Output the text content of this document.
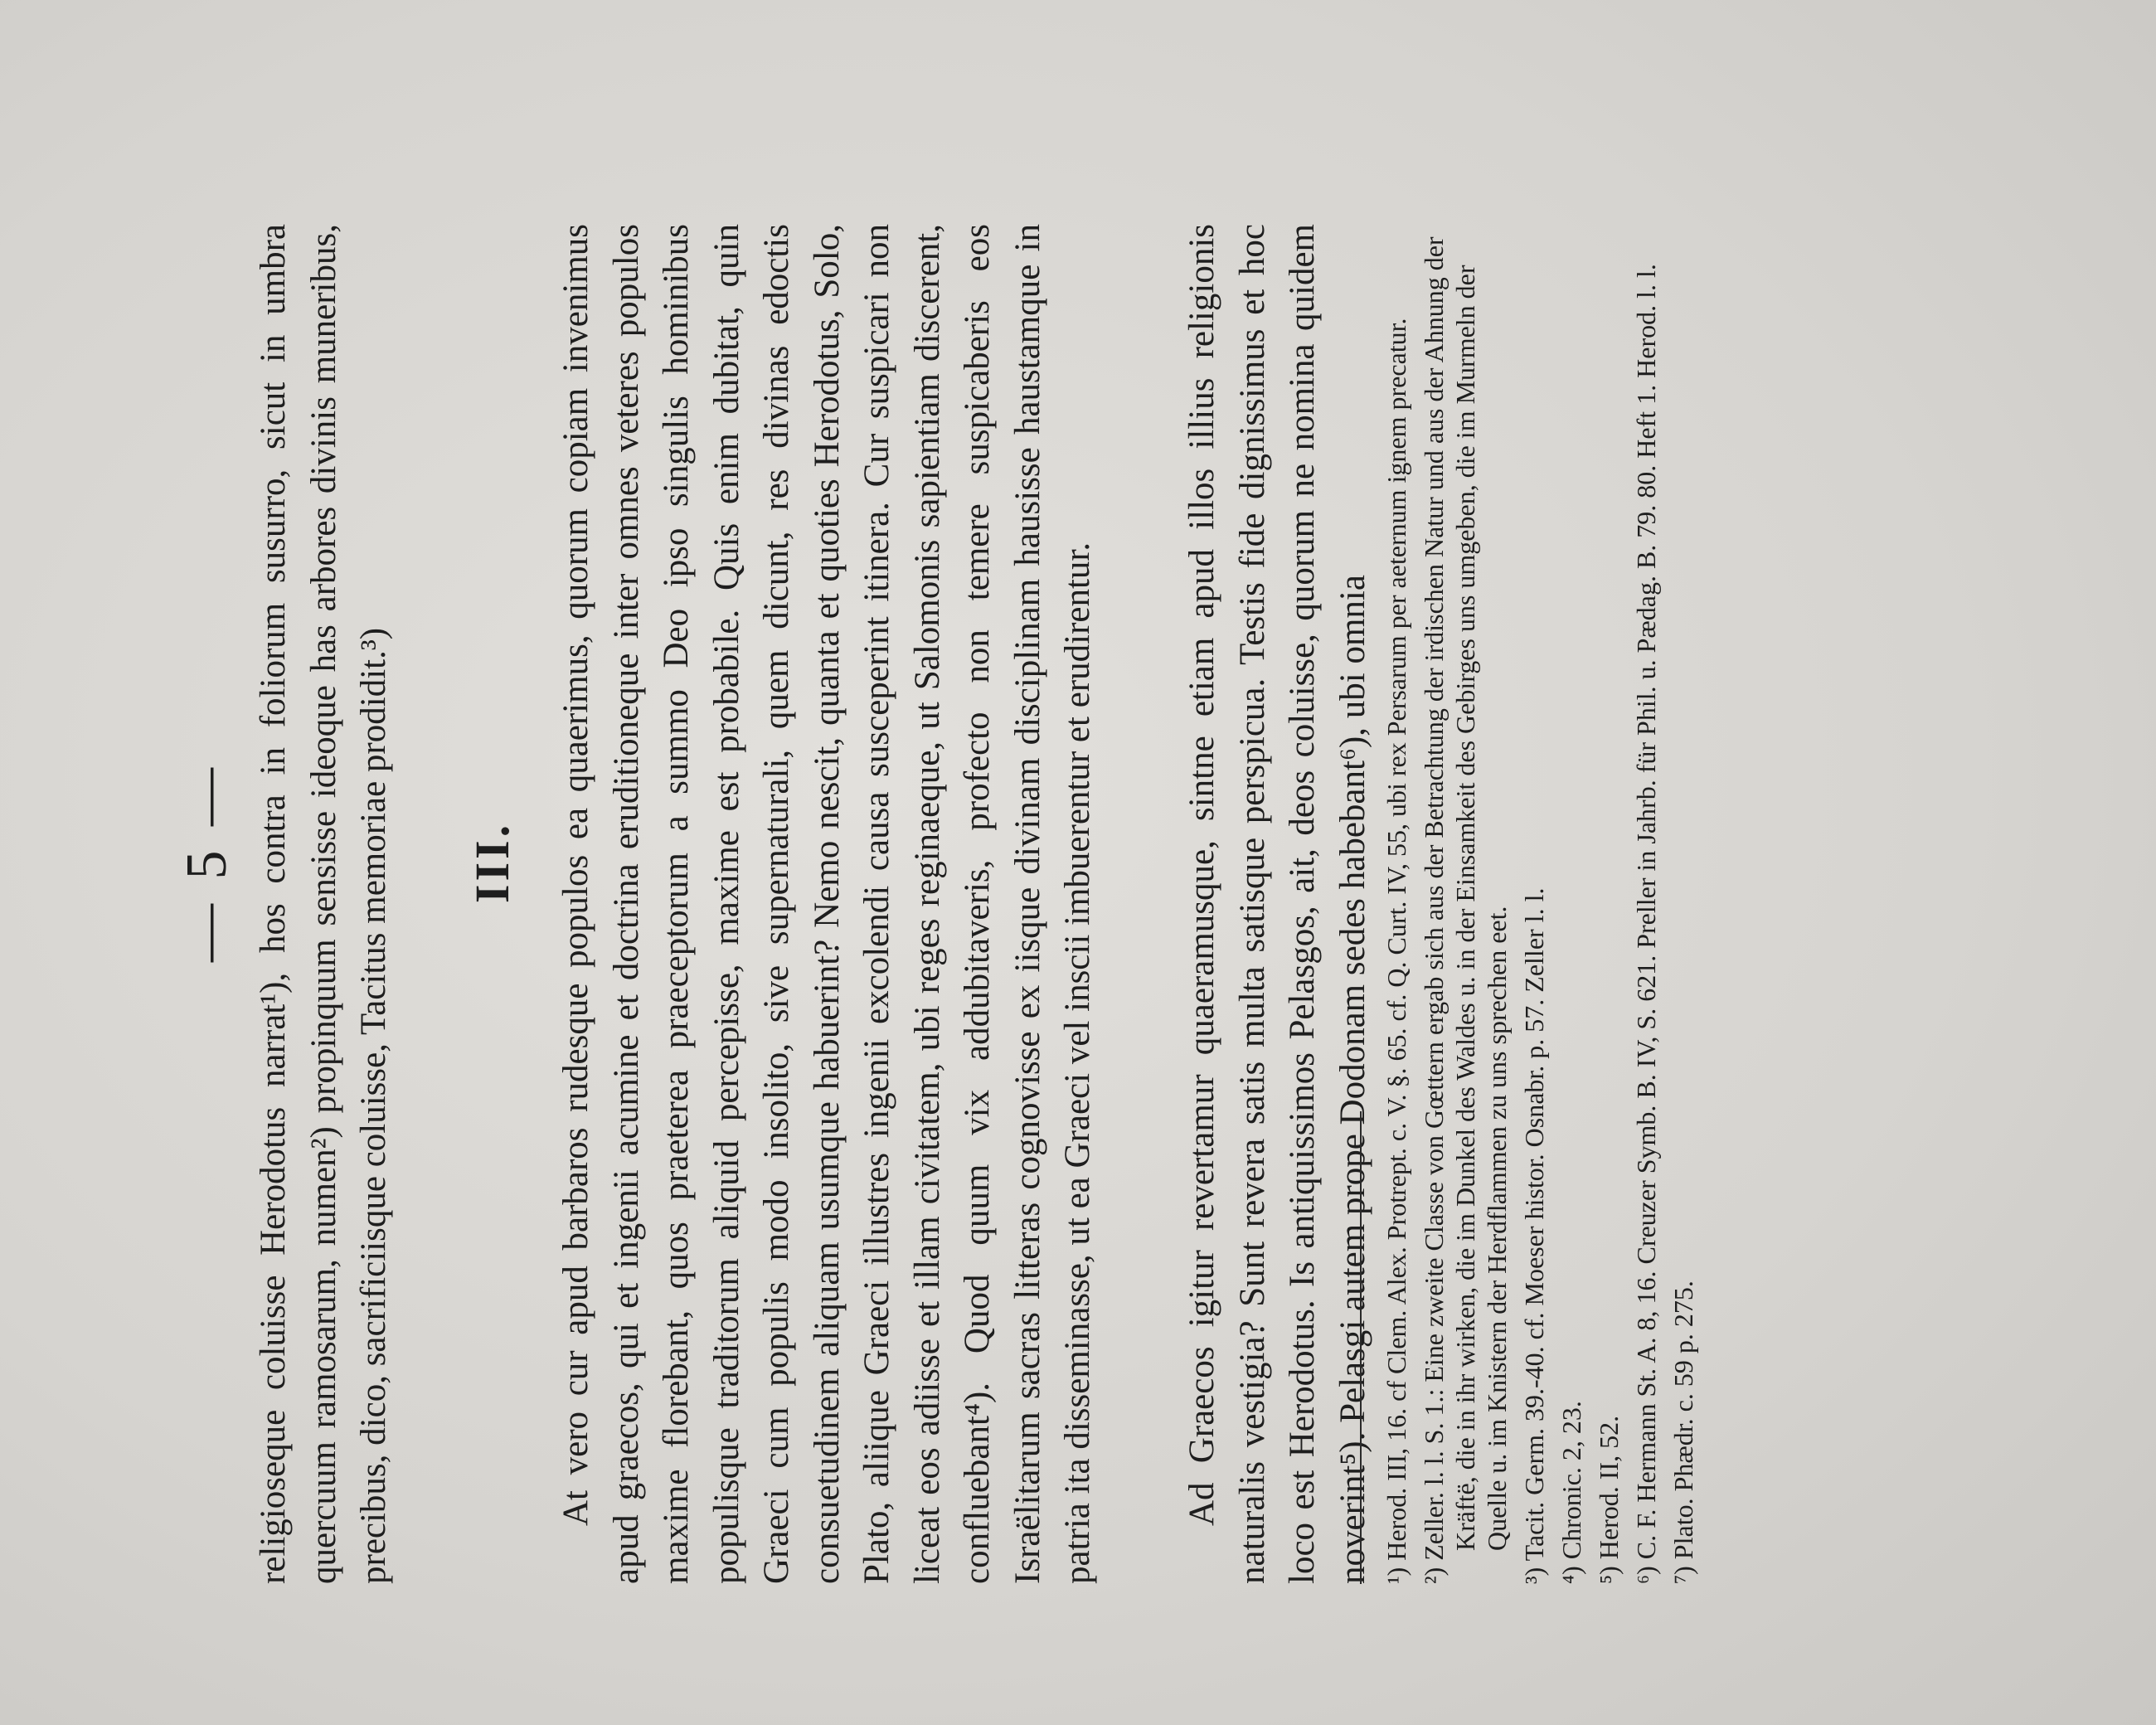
— 5 — religioseque coluisse Herodotus narrat¹), hos contra in foliorum susurro, sicut in umbra quercuum ramosarum, numen²) propinquum sensisse ideoque has arbores divinis muneribus, precibus, dico, sacrificiisque coluisse, Tacitus memoriae prodidit.³) III. At vero cur apud barbaros rudesque populos ea quaerimus, quorum copiam invenimus apud graecos, qui et ingenii acumine et doctrina eruditioneque inter omnes veteres populos maxime florebant, quos praeterea praeceptorum a summo Deo ipso singulis hominibus populisque traditorum aliquid percepisse, maxime est probabile. Quis enim dubitat, quin Graeci cum populis modo insolito, sive supernaturali, quem dicunt, res divinas edoctis consuetudinem aliquam usumque habuerint? Nemo nescit, quanta et quoties Herodotus, Solo, Plato, aliique Graeci illustres ingenii excolendi causa susceperint itinera. Cur suspicari non liceat eos adiisse et illam civitatem, ubi reges reginaeque, ut Salomonis sapientiam discerent, confluebant⁴). Quod quum vix addubitaveris, profecto non temere suspicaberis eos Israëlitarum sacras litteras cognovisse ex iisque divinam disciplinam hausisse haustamque in patria ita disseminasse, ut ea Graeci vel inscii imbuerentur et erudirentur. Ad Graecos igitur revertamur quaeramusque, sintne etiam apud illos illius religionis naturalis vestigia? Sunt revera satis multa satisque perspicua. Testis fide dignissimus et hoc loco est Herodotus. Is antiquissimos Pelasgos, ait, deos coluisse, quorum ne nomina quidem noverint⁵). Pelasgi autem prope Dodonam sedes habebant⁶), ubi omnia ¹) Herod. III, 16. cf Clem. Alex. Protrept. c. V. §. 65. cf. Q. Curt. IV, 55, ubi rex Persarum per aeternum ignem precatur.

²) Zeller. l. l. S. 1.: Eine zweite Classe von Gœttern ergab sich aus der Betrachtung der irdischen Natur und aus der Ahnung der Kräftë, die in ihr wirken, die im Dunkel des Waldes u. in der Einsamkeit des Gebirges uns umgeben, die im Murmeln der Quelle u. im Knistern der Herdflammen zu uns sprechen eet.

³) Tacit. Germ. 39.-40. cf. Moeser histor. Osnabr. p. 57. Zeller l. l.

⁴) Chronic. 2, 23.

⁵) Herod. II, 52.

⁶) C. F. Hermann St. A. 8, 16. Creuzer Symb. B. IV, S. 621. Preller in Jahrb. für Phil. u. Pædag. B. 79. 80. Heft 1. Herod. l. l.

⁷) Plato. Phædr. c. 59 p. 275.
